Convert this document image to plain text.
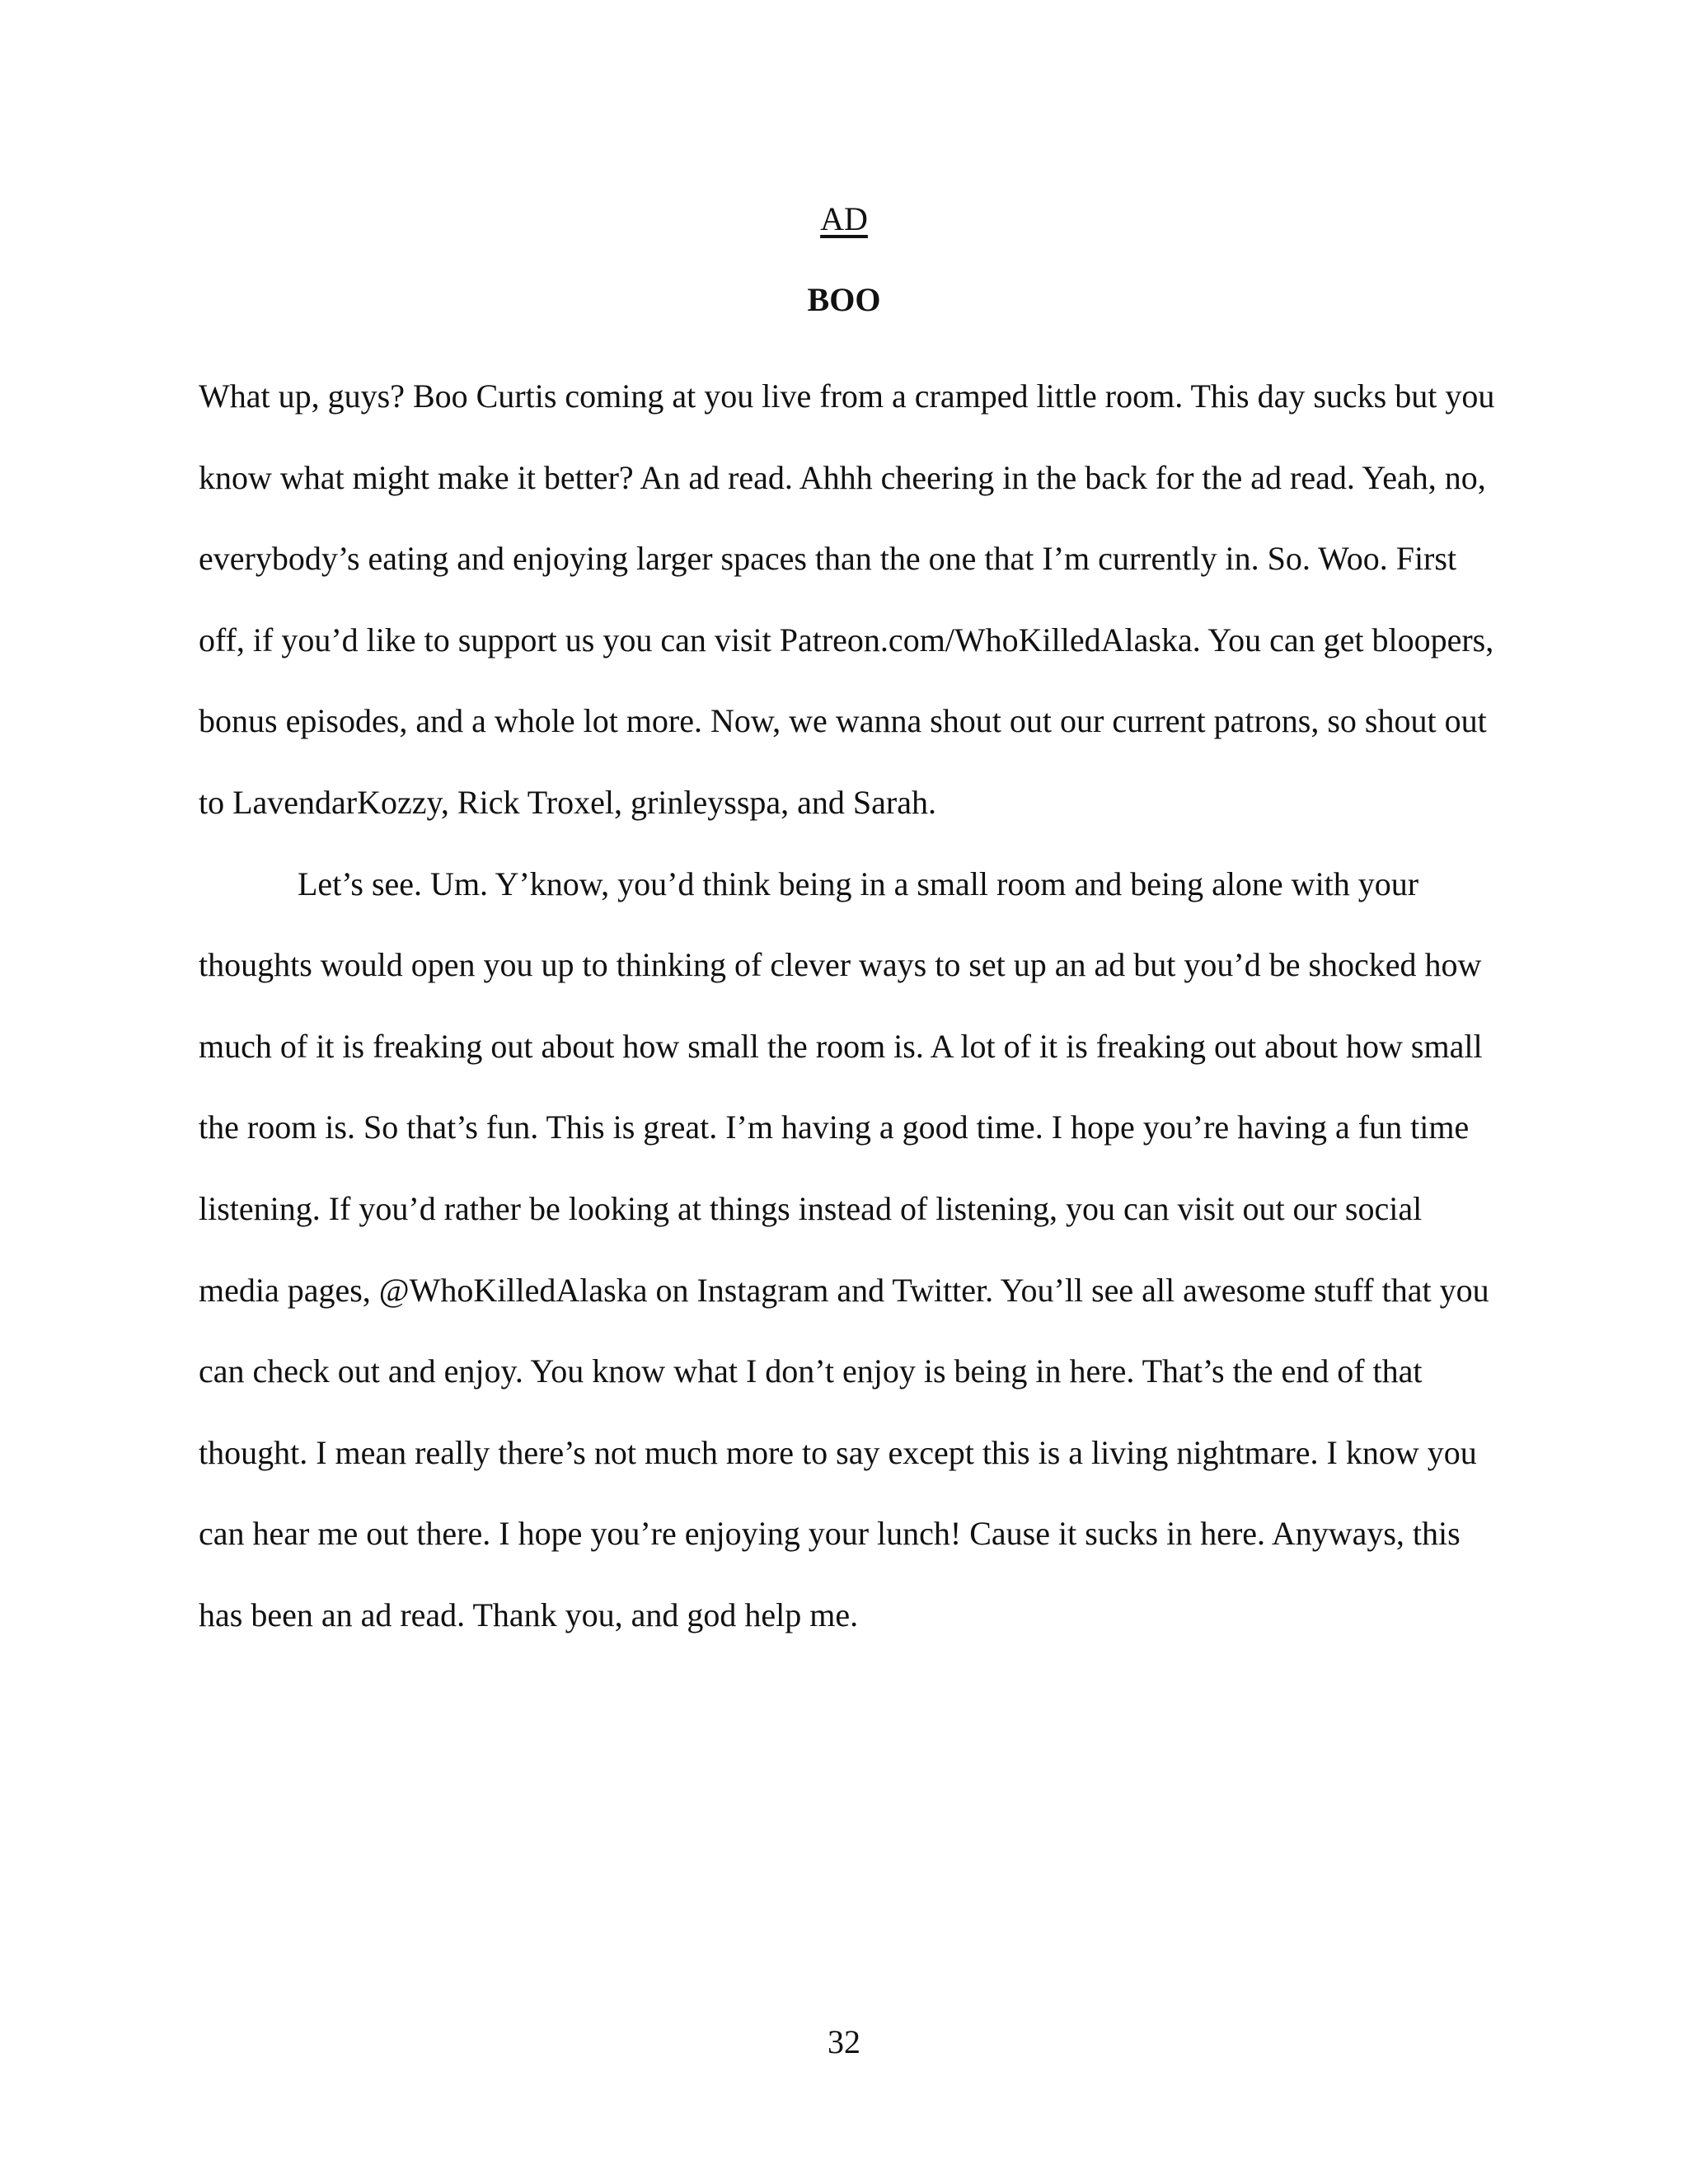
AD
BOO

What up, guys? Boo Curtis coming at you live from a cramped little room. This day sucks but you know what might make it better? An ad read. Ahhh cheering in the back for the ad read. Yeah, no, everybody’s eating and enjoying larger spaces than the one that I’m currently in. So. Woo. First off, if you’d like to support us you can visit Patreon.com/WhoKilledAlaska. You can get bloopers, bonus episodes, and a whole lot more. Now, we wanna shout out our current patrons, so shout out to LavendarKozzy, Rick Troxel, grinleysspa, and Sarah.

Let’s see. Um. Y’know, you’d think being in a small room and being alone with your thoughts would open you up to thinking of clever ways to set up an ad but you’d be shocked how much of it is freaking out about how small the room is. A lot of it is freaking out about how small the room is. So that’s fun. This is great. I’m having a good time. I hope you’re having a fun time listening. If you’d rather be looking at things instead of listening, you can visit out our social media pages, @WhoKilledAlaska on Instagram and Twitter. You’ll see all awesome stuff that you can check out and enjoy. You know what I don’t enjoy is being in here. That’s the end of that thought. I mean really there’s not much more to say except this is a living nightmare. I know you can hear me out there. I hope you’re enjoying your lunch! Cause it sucks in here. Anyways, this has been an ad read. Thank you, and god help me.

32
